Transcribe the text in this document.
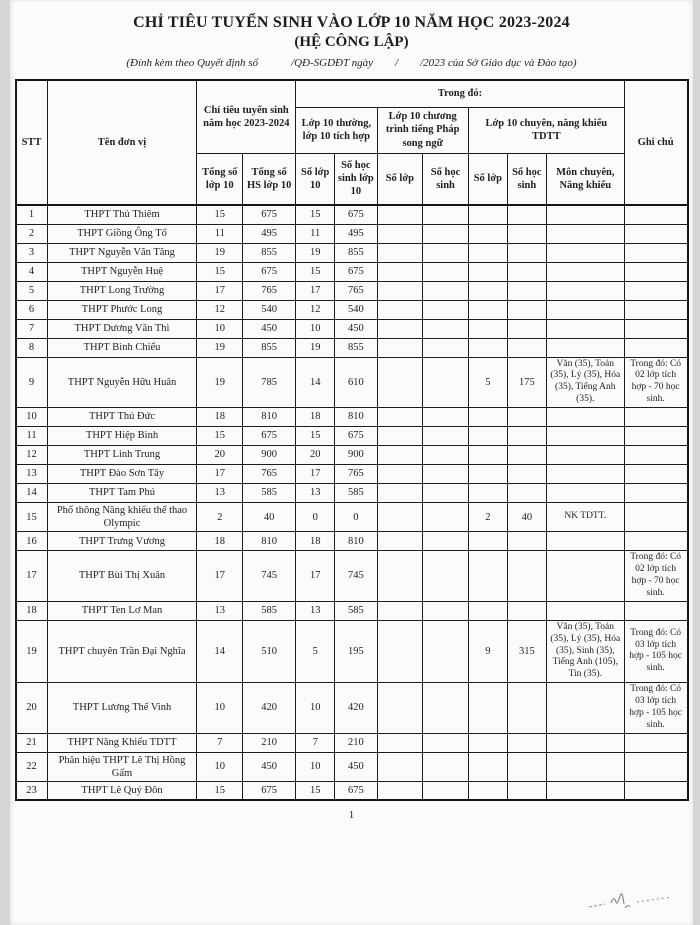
CHỈ TIÊU TUYỂN SINH VÀO LỚP 10 NĂM HỌC 2023-2024
(HỆ CÔNG LẬP)
(Đính kèm theo Quyết định số            /QĐ-SGDĐT ngày        /        /2023 của Sở Giáo dục và Đào tạo)
STT	Tên đơn vị	Chỉ tiêu tuyển sinh năm học 2023-2024		Trong đó:							Ghi chú
				Lớp 10 thường, lớp 10 tích hợp		Lớp 10 chương trình tiếng Pháp song ngữ		Lớp 10 chuyên, năng khiếu TDTT			
		Tổng số lớp 10	Tổng số HS lớp 10	Số lớp 10	Số học sinh lớp 10	Số lớp	Số học sinh	Số lớp	Số học sinh	Môn chuyên, Năng khiếu	
1	THPT Thủ Thiêm	15	675	15	675						
2	THPT Giồng Ông Tố	11	495	11	495						
3	THPT Nguyễn Văn Tăng	19	855	19	855						
4	THPT Nguyễn Huệ	15	675	15	675						
5	THPT Long Trường	17	765	17	765						
6	THPT Phước Long	12	540	12	540						
7	THPT Dương Văn Thì	10	450	10	450						
8	THPT Bình Chiểu	19	855	19	855						
9	THPT Nguyễn Hữu Huân	19	785	14	610			5	175	Văn (35), Toán (35), Lý (35), Hóa (35), Tiếng Anh (35).	Trong đó: Có 02 lớp tích hợp - 70 học sinh.
10	THPT Thủ Đức	18	810	18	810						
11	THPT Hiệp Bình	15	675	15	675						
12	THPT Linh Trung	20	900	20	900						
13	THPT Đào Sơn Tây	17	765	17	765						
14	THPT Tam Phú	13	585	13	585						
15	Phổ thông Năng khiếu thể thao Olympic	2	40	0	0			2	40	NK TDTT.	
16	THPT Trưng Vương	18	810	18	810						
17	THPT Bùi Thị Xuân	17	745	17	745						Trong đó: Có 02 lớp tích hợp - 70 học sinh.
18	THPT Ten Lơ Man	13	585	13	585						
19	THPT chuyên Trần Đại Nghĩa	14	510	5	195			9	315	Văn (35), Toán (35), Lý (35), Hóa (35), Sinh (35), Tiếng Anh (105), Tin (35).	Trong đó: Có 03 lớp tích hợp - 105 học sinh.
20	THPT Lương Thế Vinh	10	420	10	420						Trong đó: Có 03 lớp tích hợp - 105 học sinh.
21	THPT Năng Khiếu TDTT	7	210	7	210						
22	Phân hiệu THPT Lê Thị Hồng Gấm	10	450	10	450						
23	THPT Lê Quý Đôn	15	675	15	675						
1
